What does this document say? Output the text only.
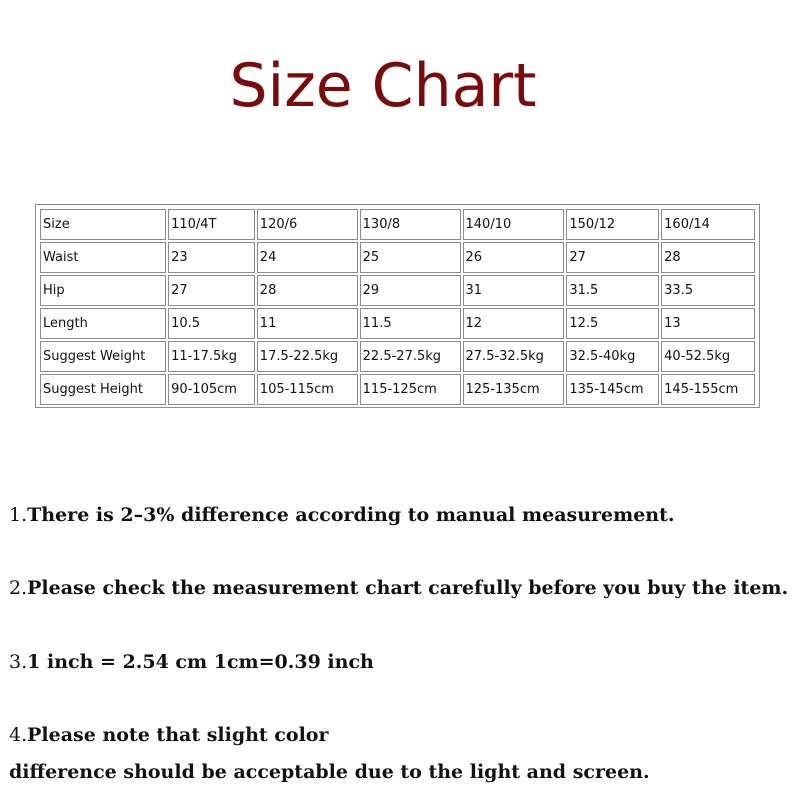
Size Chart
Size	110/4T	120/6	130/8	140/10	150/12	160/14
Waist	23	24	25	26	27	28
Hip	27	28	29	31	31.5	33.5
Length	10.5	11	11.5	12	12.5	13
Suggest Weight	11-17.5kg	17.5-22.5kg	22.5-27.5kg	27.5-32.5kg	32.5-40kg	40-52.5kg
Suggest Height	90-105cm	105-115cm	115-125cm	125-135cm	135-145cm	145-155cm
1.There is 2–3% difference according to manual measurement.
2.Please check the measurement chart carefully before you buy the item.
3.1 inch = 2.54 cm 1cm=0.39 inch
4.Please note that slight color
difference should be acceptable due to the light and screen.
